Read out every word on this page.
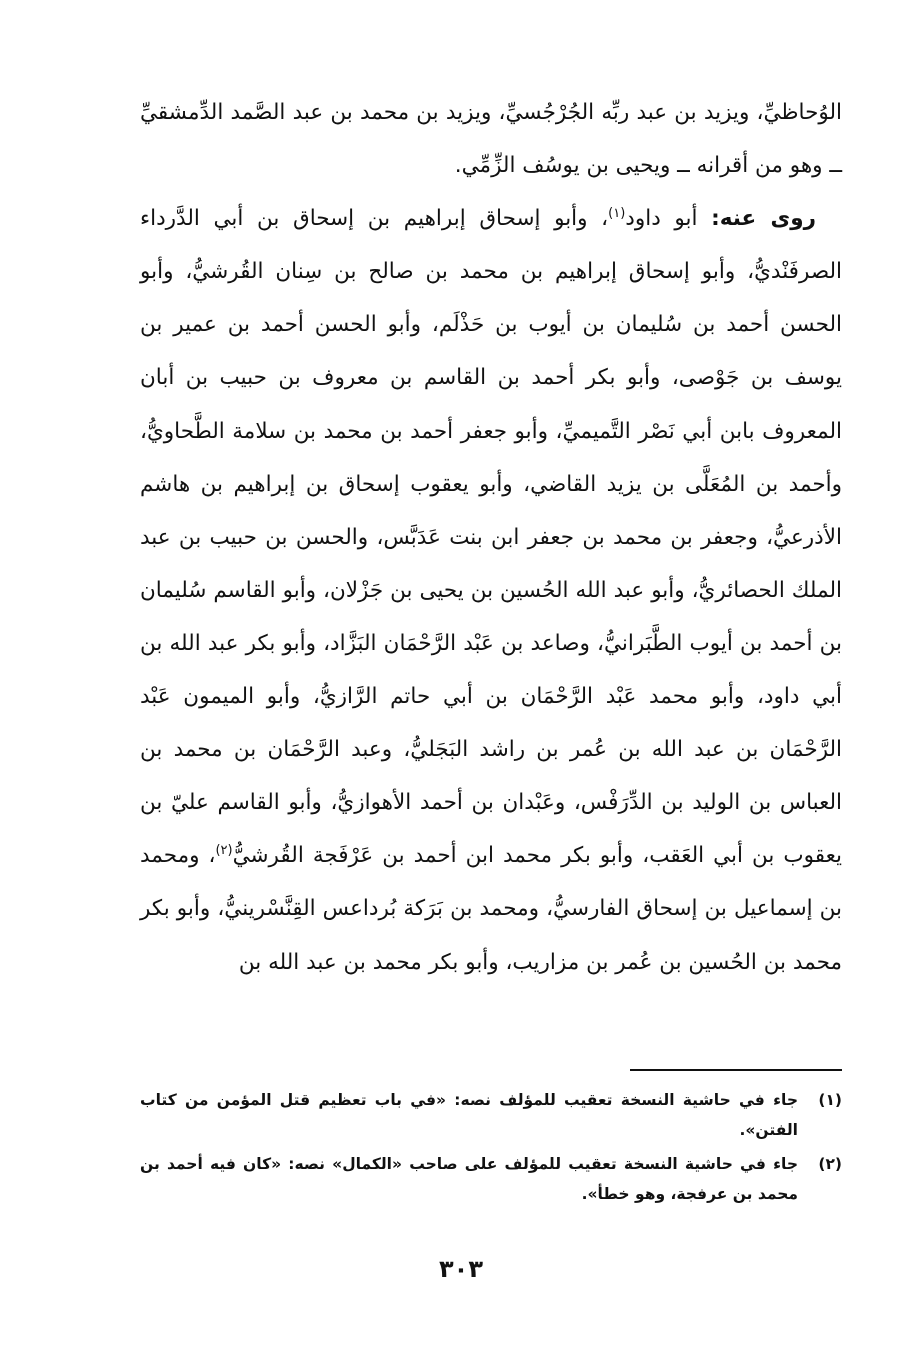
الوُحاظيِّ، ويزيد بن عبد ربِّه الجُرْجُسيِّ، ويزيد بن محمد بن عبد الصَّمد الدِّمشقيِّ ــ وهو من أقرانه ــ ويحيى بن يوسُف الزِّمِّي.

روى عنه: أبو داود$^{(١)}$، وأبو إسحاق إبراهيم بن إسحاق بن أبي الدَّرداء الصرفَنْديُّ، وأبو إسحاق إبراهيم بن محمد بن صالح بن سِنان القُرشيُّ، وأبو الحسن أحمد بن سُليمان بن أيوب بن حَذْلَم، وأبو الحسن أحمد بن عمير بن يوسف بن جَوْصى، وأبو بكر أحمد بن القاسم بن معروف بن حبيب بن أبان المعروف بابن أبي نَصْر التَّميميِّ، وأبو جعفر أحمد بن محمد بن سلامة الطَّحاويُّ، وأحمد بن المُعَلَّى بن يزيد القاضي، وأبو يعقوب إسحاق بن إبراهيم بن هاشم الأذرعيُّ، وجعفر بن محمد بن جعفر ابن بنت عَدَبَّس، والحسن بن حبيب بن عبد الملك الحصائريُّ، وأبو عبد الله الحُسين بن يحيى بن جَزْلان، وأبو القاسم سُليمان بن أحمد بن أيوب الطَّبَرانيُّ، وصاعد بن عَبْد الرَّحْمَان البَزَّاد، وأبو بكر عبد الله بن أبي داود، وأبو محمد عَبْد الرَّحْمَان بن أبي حاتم الرَّازيُّ، وأبو الميمون عَبْد الرَّحْمَان بن عبد الله بن عُمر بن راشد البَجَليُّ، وعبد الرَّحْمَان بن محمد بن العباس بن الوليد بن الدِّرَفْس، وعَبْدان بن أحمد الأهوازيُّ، وأبو القاسم عليّ بن يعقوب بن أبي العَقب، وأبو بكر محمد ابن أحمد بن عَرْفَجة القُرشيُّ$^{(٢)}$، ومحمد بن إسماعيل بن إسحاق الفارسيُّ، ومحمد بن بَرَكة بُرداعس القِنَّسْرينيُّ، وأبو بكر محمد بن الحُسين بن عُمر بن مزاريب، وأبو بكر محمد بن عبد الله بن

(١)
جاء في حاشية النسخة تعقيب للمؤلف نصه: «في باب تعظيم قتل المؤمن من كتاب الفتن».
(٢)
جاء في حاشية النسخة تعقيب للمؤلف على صاحب «الكمال» نصه: «كان فيه أحمد بن محمد بن عرفجة، وهو خطأ».
٣٠٣
